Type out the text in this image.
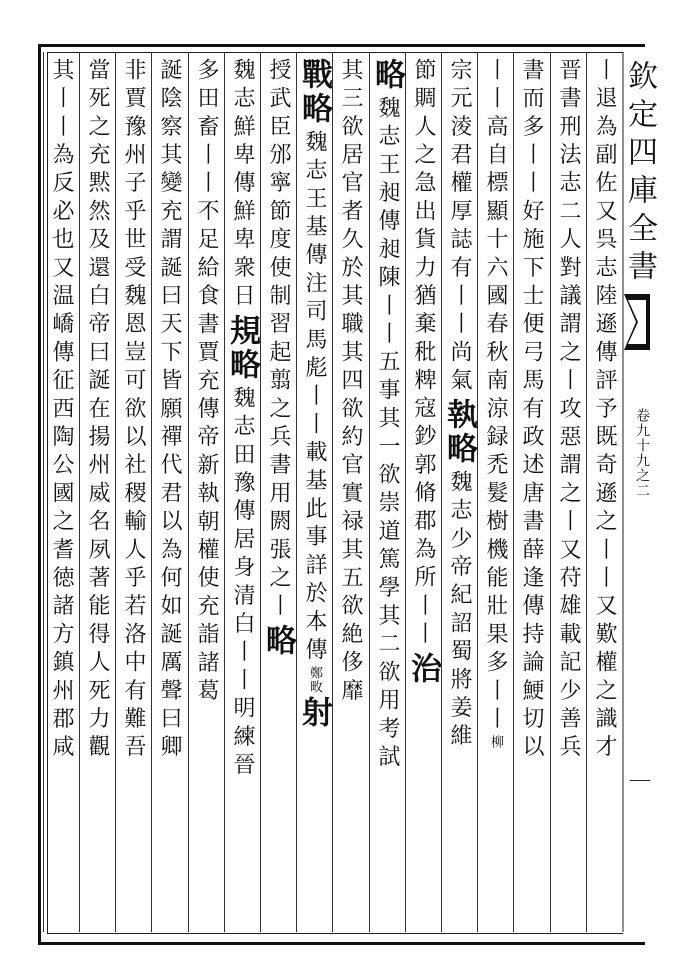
欽定四庫全書
卷九十九之二
丨退為副佐又呉志陸遜傳評予既奇遜之丨丨又歎權之識才
晋書刑法志二人對議謂之丨攻惡謂之丨又苻雄載記少善兵
書而多丨丨好施下士便弓馬有政述唐書薛逢傳持論鯁切以
丨丨高自標顯十六國春秋南涼録禿髮樹機能壯果多丨丨
柳
宗元淩君權厚誌有丨丨尚氣
執略
魏志少帝紀詔蜀將姜維
節賙人之急出貨力猶棄秕粺
寇鈔郭脩郡為所丨丨
治
略
魏志王昶傳昶陳丨丨五事其一欲崇道篤學其二欲用考試
其三欲居官者久於其職其四欲約官實禄其五欲絶侈靡
戰略
魏志王基傳注司馬彪丨丨載基此事詳於本傳
鄭畋
射
授武臣邠寧節度使制習起翦之兵書用閼張之丨
略
魏志鮮卑傳鮮卑衆日
規略
魏志田豫傳居身清白丨丨明練晉
多田畜丨丨不足給食
書賈充傳帝新執朝權使充詣諸葛
誕陰察其變充謂誕曰天下皆願禪代君以為何如誕厲聲曰卿
非賈豫州子乎世受魏恩豈可欲以社稷輸人乎若洛中有難吾
當死之充黙然及還白帝曰誕在揚州威名夙著能得人死力觀
其丨丨為反必也又温嶠傳征西陶公國之耆徳諸方鎮州郡咸
